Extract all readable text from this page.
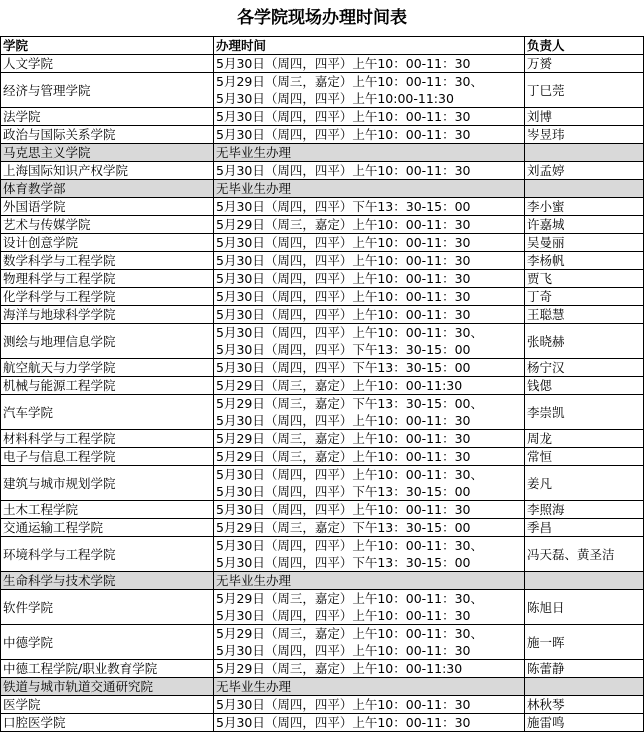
各学院现场办理时间表
学院	办理时间	负责人
人文学院	5月30日（周四，四平）上午10：00-11：30	万赟
经济与管理学院	5月29日（周三，嘉定）上午10：00-11：30、
5月30日（周四，四平）上午10:00-11:30	丁巳莞
法学院	5月30日（周四，四平）上午10：00-11：30	刘博
政治与国际关系学院	5月30日（周四，四平）上午10：00-11：30	岑昱玮
马克思主义学院	无毕业生办理	

上海国际知识产权学院	5月30日（周四，四平）上午10：00-11：30	刘孟婷
体育教学部	无毕业生办理	

外国语学院	5月30日（周四，四平）下午13：30-15：00	李小蜜
艺术与传媒学院	5月29日（周三，嘉定）上午10：00-11：30	许嘉城
设计创意学院	5月30日（周四，四平）上午10：00-11：30	吴曼丽
数学科学与工程学院	5月30日（周四，四平）上午10：00-11：30	李杨帆
物理科学与工程学院	5月30日（周四，四平）上午10：00-11：30	贾飞
化学科学与工程学院	5月30日（周四，四平）上午10：00-11：30	丁奇
海洋与地球科学学院	5月30日（周四，四平）上午10：00-11：30	王聪慧
测绘与地理信息学院	5月30日（周四，四平）上午10：00-11：30、
5月30日（周四，四平）下午13：30-15：00	张晓赫
航空航天与力学学院	5月30日（周四，四平）下午13：30-15：00	杨宁汉
机械与能源工程学院	5月29日（周三，嘉定）上午10：00-11:30	钱偲
汽车学院	5月29日（周三，嘉定）下午13：30-15：00、
5月30日（周四，四平）上午10：00-11：30	李崇凯
材料科学与工程学院	5月29日（周三，嘉定）上午10：00-11：30	周龙
电子与信息工程学院	5月29日（周三，嘉定）上午10：00-11：30	常恒
建筑与城市规划学院	5月30日（周四，四平）上午10：00-11：30、
5月30日（周四，四平）下午13：30-15：00	姜凡
土木工程学院	5月30日（周四，四平）上午10：00-11：30	李照海
交通运输工程学院	5月29日（周三，嘉定）下午13：30-15：00	季昌
环境科学与工程学院	5月30日（周四，四平）上午10：00-11：30、
5月30日（周四，四平）下午13：30-15：00	冯天磊、黄圣洁
生命科学与技术学院	无毕业生办理	

软件学院	5月29日（周三，嘉定）上午10：00-11：30、
5月30日（周四，四平）上午10：00-11：30	陈旭日
中德学院	5月29日（周三，嘉定）上午10：00-11：30、
5月30日（周四，四平）上午10：00-11：30	施一晖
中德工程学院/职业教育学院	5月29日（周三，嘉定）上午10：00-11:30	陈蕾静
铁道与城市轨道交通研究院	无毕业生办理	

医学院	5月30日（周四，四平）上午10：00-11：30	林秋琴
口腔医学院	5月30日（周四，四平）上午10：00-11：30	施雷鸣
